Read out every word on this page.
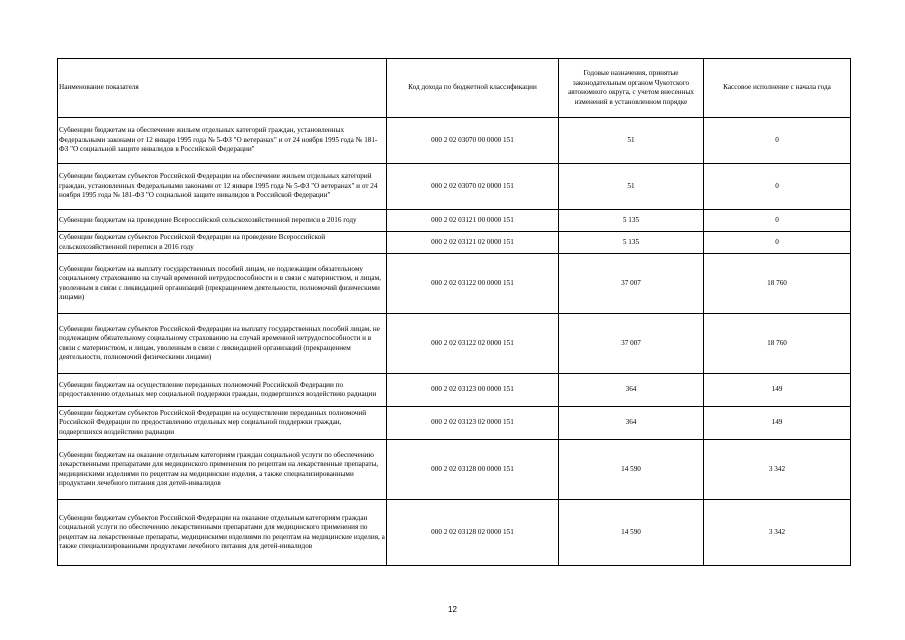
Наименование показателя	Код дохода по бюджетной классификации	Годовые назначения, принятые законодательным органом Чукотского автономного округа, с учетом внесенных изменений в установленном порядке	Кассовое исполнение с начала года
Субвенции бюджетам на обеспечение жильем отдельных категорий граждан, установленных Федеральными законами от 12 января 1995 года № 5-ФЗ "О ветеранах" и от 24 ноября 1995 года № 181-ФЗ "О социальной защите инвалидов в Российской Федерации"	000 2 02 03070 00 0000 151	51	0
Субвенции бюджетам субъектов Российской Федерации на обеспечение жильем отдельных категорий граждан, установленных Федеральными законами от 12 января 1995 года № 5-ФЗ "О ветеранах" и от 24 ноября 1995 года № 181-ФЗ "О социальной защите инвалидов в Российской Федерации"	000 2 02 03070 02 0000 151	51	0
Субвенции бюджетам на проведение Всероссийской сельскохозяйственной переписи в 2016 году	000 2 02 03121 00 0000 151	5 135	0
Субвенции бюджетам субъектов Российской Федерации на проведение Всероссийской сельскохозяйственной переписи в 2016 году	000 2 02 03121 02 0000 151	5 135	0
Субвенции бюджетам на выплату государственных пособий лицам, не подлежащим обязательному социальному страхованию на случай временной нетрудоспособности и в связи с материнством, и лицам, уволенным в связи с ликвидацией организаций (прекращением деятельности, полномочий физическими лицами)	000 2 02 03122 00 0000 151	37 007	18 760
Субвенции бюджетам субъектов Российской Федерации на выплату государственных пособий лицам, не подлежащим обязательному социальному страхованию на случай временной нетрудоспособности и в связи с материнством, и лицам, уволенным в связи с ликвидацией организаций (прекращением деятельности, полномочий физическими лицами)	000 2 02 03122 02 0000 151	37 007	18 760
Субвенции бюджетам на осуществление переданных полномочий Российской Федерации по предоставлению отдельных мер социальной поддержки граждан, подвергшихся воздействию радиации	000 2 02 03123 00 0000 151	364	149
Субвенции бюджетам субъектов Российской Федерации на осуществление переданных полномочий Российской Федерации по предоставлению отдельных мер социальной поддержки граждан, подвергшихся воздействию радиации	000 2 02 03123 02 0000 151	364	149
Субвенции бюджетам на оказание отдельным категориям граждан социальной услуги по обеспечению лекарственными препаратами для медицинского применения по рецептам на лекарственные препараты, медицинскими изделиями по рецептам на медицинские изделия, а также специализированными продуктами лечебного питания для детей-инвалидов	000 2 02 03128 00 0000 151	14 590	3 342
Субвенции бюджетам субъектов Российской Федерации на оказание отдельным категориям граждан социальной услуги по обеспечению лекарственными препаратами для медицинского применения по рецептам на лекарственные препараты, медицинскими изделиями по рецептам на медицинские изделия, а также специализированными продуктами лечебного питания для детей-инвалидов	000 2 02 03128 02 0000 151	14 590	3 342
12
